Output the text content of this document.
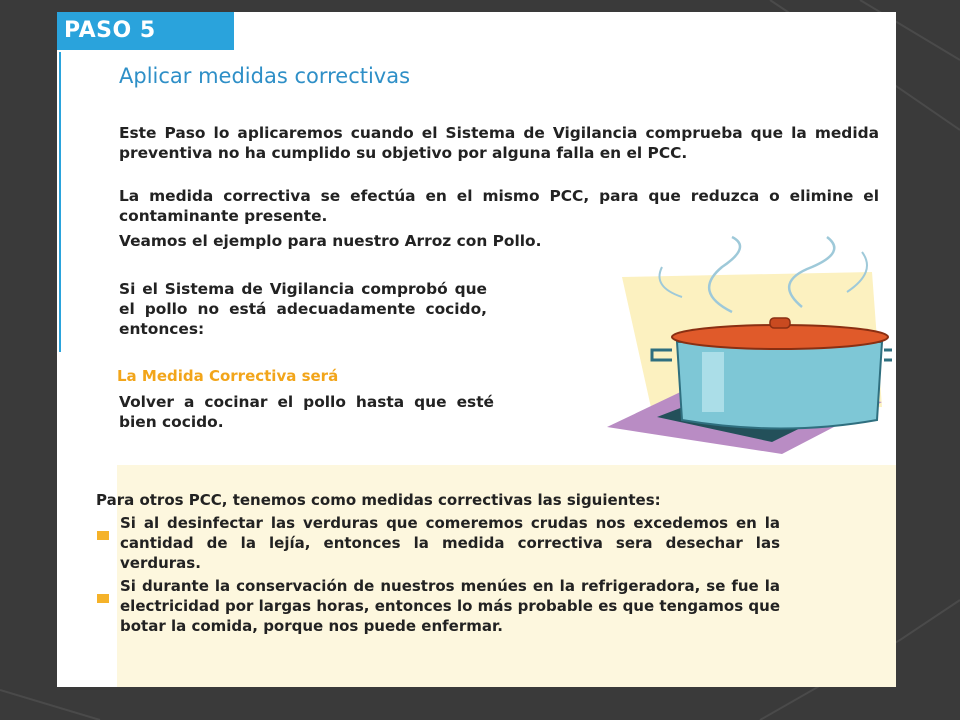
PASO 5
Aplicar medidas correctivas
Este Paso lo aplicaremos cuando el Sistema de Vigilancia comprueba que la medida preventiva no ha cumplido su objetivo por alguna falla en el PCC.
La medida correctiva se efectúa en el mismo PCC, para que reduzca o elimine el contaminante presente.
Veamos el ejemplo para nuestro Arroz con Pollo.
Si el Sistema de Vigilancia comprobó que el pollo no está adecuadamente cocido, entonces:
La Medida Correctiva será
Volver a cocinar el pollo hasta que esté bien cocido.
Para otros PCC, tenemos como medidas correctivas las siguientes:
Si al desinfectar las verduras que comeremos crudas nos excedemos en la cantidad de la lejía, entonces la medida correctiva sera desechar las verduras.
Si durante la conservación de nuestros menúes en la refrigeradora, se fue la electricidad por largas horas, entonces lo más probable es que tengamos que botar la comida, porque nos puede enfermar.
